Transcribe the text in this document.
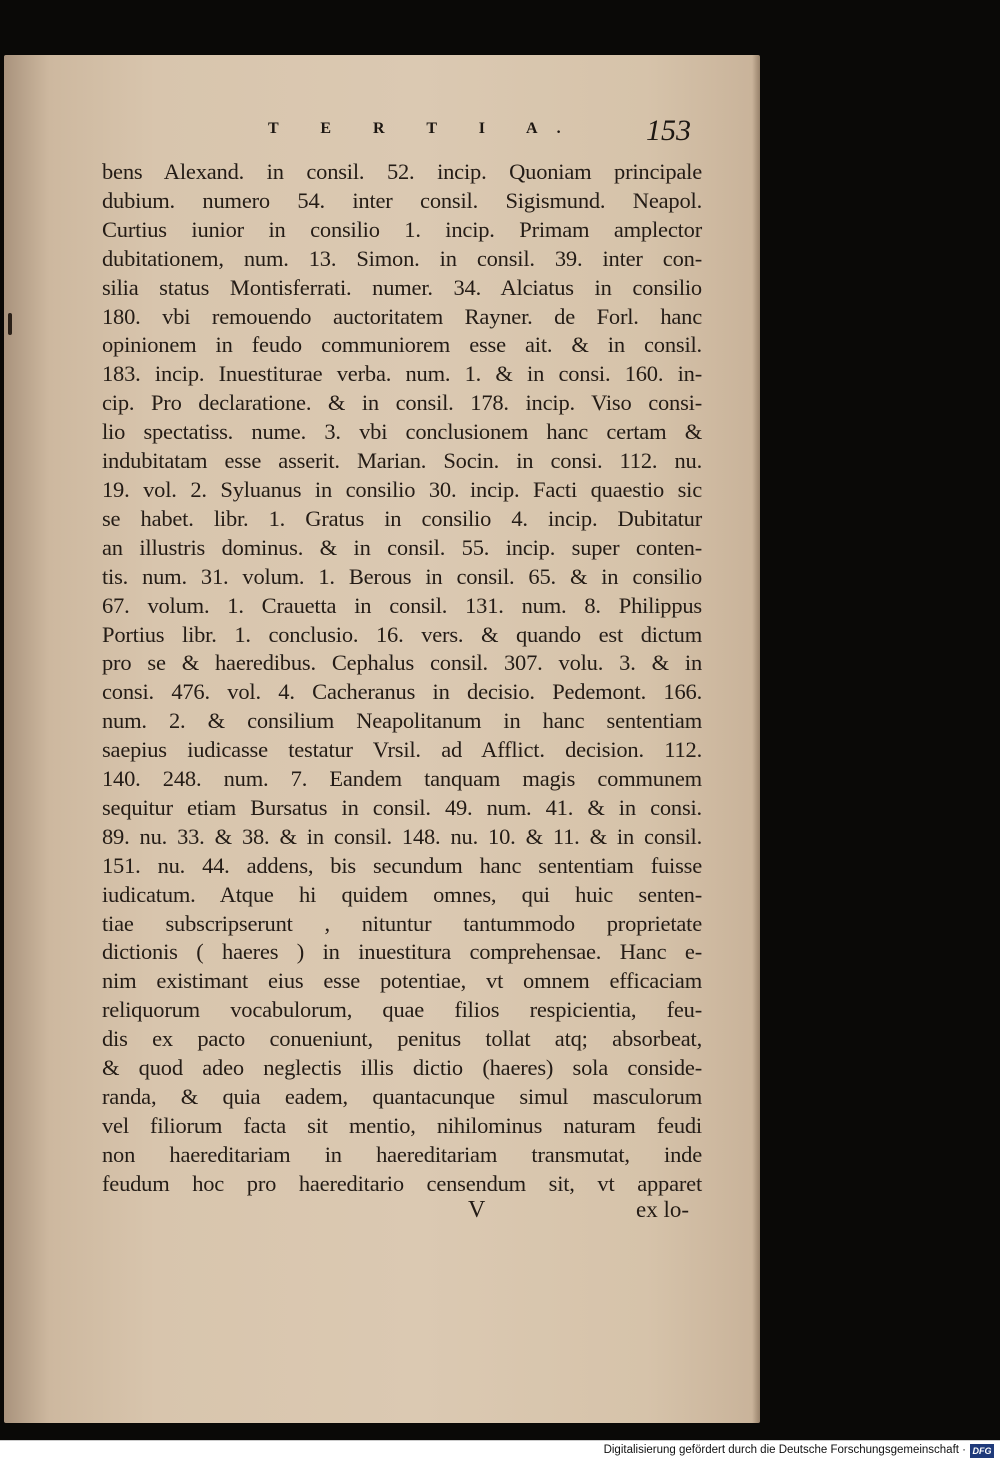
T E R T I A. 153
bens Alexand. in consil. 52. incip. Quoniam principale
dubium. numero 54. inter consil. Sigismund. Neapol.
Curtius iunior in consilio 1. incip. Primam amplector
dubitationem, num. 13. Simon. in consil. 39. inter con-
silia status Montisferrati. numer. 34. Alciatus in consilio
180. vbi remouendo auctoritatem Rayner. de Forl. hanc
opinionem in feudo communiorem esse ait. & in consil.
183. incip. Inuestiturae verba. num. 1. & in consi. 160. in-
cip. Pro declaratione. & in consil. 178. incip. Viso consi-
lio spectatiss. nume. 3. vbi conclusionem hanc certam &
indubitatam esse asserit. Marian. Socin. in consi. 112. nu.
19. vol. 2. Syluanus in consilio 30. incip. Facti quaestio sic
se habet. libr. 1. Gratus in consilio 4. incip. Dubitatur
an illustris dominus. & in consil. 55. incip. super conten-
tis. num. 31. volum. 1. Berous in consil. 65. & in consilio
67. volum. 1. Crauetta in consil. 131. num. 8. Philippus
Portius libr. 1. conclusio. 16. vers. & quando est dictum
pro se & haeredibus. Cephalus consil. 307. volu. 3. & in
consi. 476. vol. 4. Cacheranus in decisio. Pedemont. 166.
num. 2. & consilium Neapolitanum in hanc sententiam
saepius iudicasse testatur Vrsil. ad Afflict. decision. 112.
140. 248. num. 7. Eandem tanquam magis communem
sequitur etiam Bursatus in consil. 49. num. 41. & in consi.
89. nu. 33. & 38. & in consil. 148. nu. 10. & 11. & in consil.
151. nu. 44. addens, bis secundum hanc sententiam fuisse
iudicatum. Atque hi quidem omnes, qui huic senten-
tiae subscripserunt , nituntur tantummodo proprietate
dictionis ( haeres ) in inuestitura comprehensae. Hanc e-
nim existimant eius esse potentiae, vt omnem efficaciam
reliquorum vocabulorum, quae filios respicientia, feu-
dis ex pacto conueniunt, penitus tollat atq; absorbeat,
& quod adeo neglectis illis dictio (haeres) sola conside-
randa, & quia eadem, quantacunque simul masculorum
vel filiorum facta sit mentio, nihilominus naturam feudi
non haereditariam in haereditariam transmutat, inde
feudum hoc pro haereditario censendum sit, vt apparet
V	ex lo-
Digitalisierung gefördert durch die Deutsche Forschungsgemeinschaft · DFG
